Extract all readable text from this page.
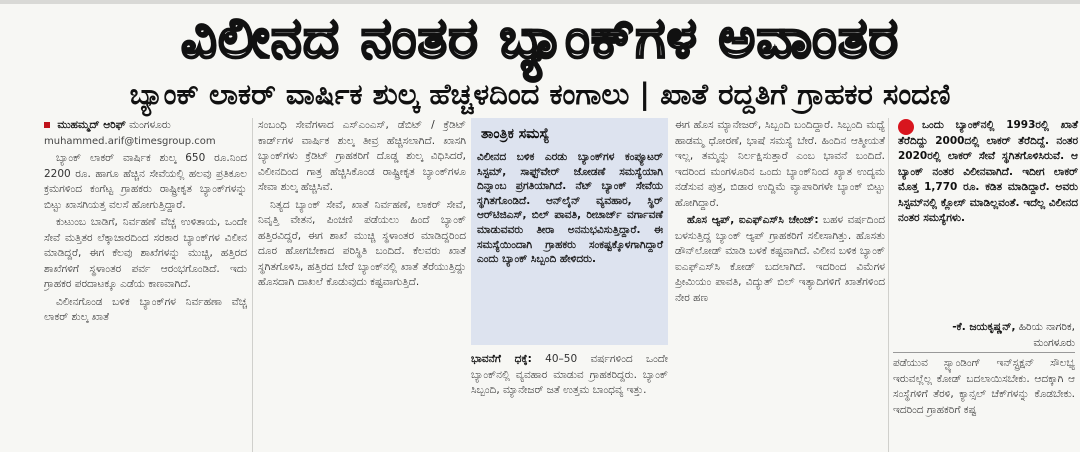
ವಿಲೀನದ ನಂತರ ಬ್ಯಾಂಕ್‌ಗಳ ಅವಾಂತರ
ಬ್ಯಾಂಕ್ ಲಾಕರ್ ವಾರ್ಷಿಕ ಶುಲ್ಕ ಹೆಚ್ಚಳದಿಂದ ಕಂಗಾಲು | ಖಾತೆ ರದ್ದತಿಗೆ ಗ್ರಾಹಕರ ಸಂದಣಿ

ಮುಹಮ್ಮದ್ ಆರಿಫ್ ಮಂಗಳೂರು
muhammed.arif@timesgroup.com

ಬ್ಯಾಂಕ್ ಲಾಕರ್ ವಾರ್ಷಿಕ ಶುಲ್ಕ 650 ರೂ.ನಿಂದ 2200 ರೂ. ಹಾಗೂ ಹೆಚ್ಚಿನ ಸೇವೆಯಲ್ಲಿ ಹಲವು ಪ್ರತಿಕೂಲ ಕ್ರಮಗಳಿಂದ ಕಂಗೆಟ್ಟ ಗ್ರಾಹಕರು ರಾಷ್ಟ್ರೀಕೃತ ಬ್ಯಾಂಕ್‌ಗಳನ್ನು ಬಿಟ್ಟು ಖಾಸಗಿಯತ್ತ ವಲಸೆ ಹೋಗುತ್ತಿದ್ದಾರೆ.

ಕುಟುಂಬ ಬಾಡಿಗೆ, ನಿರ್ವಹಣೆ ವೆಚ್ಚ ಉಳಿತಾಯ, ಒಂದೇ ಸೇವೆ ಮತ್ತಿತರ ಲೆಕ್ಕಾಚಾರದಿಂದ ಸರಕಾರ ಬ್ಯಾಂಕ್‌ಗಳ ವಿಲೀನ ಮಾಡಿದ್ದರೆ, ಈಗ ಕೆಲವು ಶಾಖೆಗಳನ್ನು ಮುಚ್ಚಿ, ಹತ್ತಿರದ ಶಾಖೆಗಳಿಗೆ ಸ್ಥಳಾಂತರ ಪರ್ವ ಆರಂಭಗೊಂಡಿದೆ. ಇದು ಗ್ರಾಹಕರ ಪರದಾಟಕ್ಕೂ ಎಡೆಯ ಕಾಣವಾಗಿದೆ.

ವಿಲೀನಗೊಂಡ ಬಳಿಕ ಬ್ಯಾಂಕ್‌ಗಳ ನಿರ್ವಹಣಾ ವೆಚ್ಚ ಲಾಕರ್ ಶುಲ್ಕ ಖಾತೆ

ಸಂಬಂಧಿ ಸೇವೆಗಳಾದ ಎಸ್‌ಎಂಎಸ್, ಡೆಬಿಟ್ / ಕ್ರೆಡಿಟ್ ಕಾರ್ಡ್‌ಗಳ ವಾರ್ಷಿಕ ಶುಲ್ಕ ತೀವ್ರ ಹೆಚ್ಚಿಸಲಾಗಿದೆ. ಖಾಸಗಿ ಬ್ಯಾಂಕ್‌ಗಳು ಕ್ರೆಡಿಟ್ ಗ್ರಾಹಕರಿಗೆ ದೊಡ್ಡ ಶುಲ್ಕ ವಿಧಿಸಿದರೆ, ವಿಲೀನದಿಂದ ಗಾತ್ರ ಹೆಚ್ಚಿಸಿಕೊಂಡ ರಾಷ್ಟ್ರೀಕೃತ ಬ್ಯಾಂಕ್‌ಗಳೂ ಸೇವಾ ಶುಲ್ಕ ಹೆಚ್ಚಿಸಿವೆ.

ನಿತ್ಯದ ಬ್ಯಾಂಕ್ ಸೇವೆ, ಖಾತೆ ನಿರ್ವಹಣೆ, ಲಾಕರ್ ಸೇವೆ, ನಿವೃತ್ತಿ ವೇತನ, ಪಿಂಚಣಿ ಪಡೆಯಲು ಹಿಂದೆ ಬ್ಯಾಂಕ್ ಹತ್ತಿರವಿದ್ದರೆ, ಈಗ ಶಾಖೆ ಮುಚ್ಚಿ ಸ್ಥಳಾಂತರ ಮಾಡಿದ್ದರಿಂದ ದೂರ ಹೋಗಬೇಕಾದ ಪರಿಸ್ಥಿತಿ ಬಂದಿದೆ. ಕೆಲವರು ಖಾತೆ ಸ್ಥಗಿತಗೊಳಿಸಿ, ಹತ್ತಿರದ ಬೇರೆ ಬ್ಯಾಂಕ್‌ನಲ್ಲಿ ಖಾತೆ ತೆರೆಯುತ್ತಿದ್ದು ಹೊಸದಾಗಿ ದಾಖಲೆ ಕೊಡುವುದು ಕಷ್ಟವಾಗುತ್ತಿದೆ.

ತಾಂತ್ರಿಕ ಸಮಸ್ಯೆ
ವಿಲೀನದ ಬಳಿಕ ಎರಡು ಬ್ಯಾಂಕ್‌ಗಳ ಕಂಪ್ಯೂಟರ್ ಸಿಸ್ಟಮ್, ಸಾಫ್ಟ್‌ವೇರ್ ಜೋಡಣೆ ಸಮಸ್ಯೆಯಾಗಿ ದಿನ್ನಾಂಬ ಪ್ರಗತಿಯಾಗಿದೆ. ನೆಟ್ ಬ್ಯಾಂಕ್ ಸೇವೆಯ ಸ್ಥಗಿತಗೊಂಡಿದೆ. ಆನ್‌ಲೈನ್ ವ್ಯವಹಾರ, ಸ್ಥಿರ್ ಆರ್‌ಟಿಜಿಎಸ್, ಬಿಲ್ ಪಾವತಿ, ರೀಚಾರ್ಜ್ ವರ್ಗಾವಣೆ ಮಾಡುವವರು ತೀರಾ ಅನನುಭವಿಸುತ್ತಿದ್ದಾರೆ. ಈ ಸಮಸ್ಯೆಯಿಂದಾಗಿ ಗ್ರಾಹಕರು ಸಂಕಷ್ಟಕ್ಕೊಳಗಾಗಿದ್ದಾರೆ ಎಂದು ಬ್ಯಾಂಕ್ ಸಿಬ್ಬಂದಿ ಹೇಳಿದರು.
ಭಾವನೆಗೆ ಧಕ್ಕೆ: 40–50 ವರ್ಷಗಳಿಂದ ಒಂದೇ ಬ್ಯಾಂಕ್‌ನಲ್ಲಿ ವ್ಯವಹಾರ ಮಾಡುವ ಗ್ರಾಹಕರಿದ್ದರು. ಬ್ಯಾಂಕ್ ಸಿಬ್ಬಂದಿ, ಮ್ಯಾನೇಜರ್ ಜತೆ ಉತ್ತಮ ಬಾಂಧವ್ಯ ಇತ್ತು.

ಈಗ ಹೊಸ ಮ್ಯಾನೇಜರ್, ಸಿಬ್ಬಂದಿ ಬಂದಿದ್ದಾರೆ. ಸಿಬ್ಬಂದಿ ಮಧ್ಯೆ ಹಾಡಮ್ಮ ಧೋರಣೆ, ಭಾಷೆ ಸಮಸ್ಯೆ ಬೇರೆ. ಹಿಂದಿನ ಆತ್ಮೀಯತೆ ಇಲ್ಲ, ತಮ್ಮನ್ನು ನಿರ್ಲಕ್ಷಿಸುತ್ತಾರೆ ಎಂಬ ಭಾವನೆ ಬಂದಿದೆ. ಇದರಿಂದ ಮಂಗಳೂರಿನ ಒಂದು ಬ್ಯಾಂಕ್‌ನಿಂದ ಖ್ಯಾತ ಉದ್ಯಮ ನಡೆಸುವ ಪುತ್ರ, ಬಿಡಾರ ಉದ್ದಿಮೆ ವ್ಯಾಪಾರಿಗಳೇ ಬ್ಯಾಂಕ್ ಬಿಟ್ಟು ಹೋಗಿದ್ದಾರೆ.

ಹೊಸ ಆ್ಯಪ್, ಐಎಫ್‌ಎಸ್‌ಸಿ ಚೇಂಜ್: ಬಹಳ ವರ್ಷದಿಂದ ಬಳಸುತ್ತಿದ್ದ ಬ್ಯಾಂಕ್ ಆ್ಯಪ್ ಗ್ರಾಹಕರಿಗೆ ಸಲೀಸಾಗಿತ್ತು. ಹೊಸತು ಡೌನ್‌ಲೋಡ್ ಮಾಡಿ ಬಳಕೆ ಕಷ್ಟವಾಗಿದೆ. ವಿಲೀನ ಬಳಿಕ ಬ್ಯಾಂಕ್ ಐಎಫ್‌ಎಸ್‌ಸಿ ಕೋಡ್ ಬದಲಾಗಿದೆ. ಇದರಿಂದ ವಿಮೆಗಳ ಪ್ರೀಮಿಯಂ ಪಾವತಿ, ವಿದ್ಯುತ್ ಬಿಲ್ ಇತ್ಯಾದಿಗಳಿಗೆ ಖಾತೆಗಳಿಂದ ನೇರ ಹಣ

ಒಂದು ಬ್ಯಾಂಕ್‌ನಲ್ಲಿ 1993ರಲ್ಲಿ ಖಾತೆ ತೆರೆದಿದ್ದು 2000ದಲ್ಲಿ ಲಾಕರ್ ತೆರೆದಿದ್ದೆ. ನಂತರ 2020ರಲ್ಲಿ ಲಾಕರ್ ಸೇವೆ ಸ್ಥಗಿತಗೊಳಿಸಿರುವೆ. ಆ ಬ್ಯಾಂಕ್ ನಂತರ ವಿಲೀನವಾಗಿದೆ. ಇದೀಗ ಲಾಕರ್ ಮೊತ್ತ 1,770 ರೂ. ಕಡಿತ ಮಾಡಿದ್ದಾರೆ. ಅವರು ಸಿಸ್ಟಮ್‌ನಲ್ಲಿ ಕ್ಲೋಸ್ ಮಾಡಿಲ್ಲವಂತೆ. ಇದೆಲ್ಲ ವಿಲೀನದ ನಂತರ ಸಮಸ್ಯೆಗಳು.
-ಕೆ. ಜಯಕೃಷ್ಣನ್, ಹಿರಿಯ ನಾಗರಿಕ, ಮಂಗಳೂರು
ಪಡೆಯುವ ಸ್ಟ್ಯಾಂಡಿಂಗ್ ಇನ್‌ಸ್ಟ್ರಕ್ಷನ್ ಸೌಲಭ್ಯ ಇರುವಲ್ಲೆಲ್ಲ ಕೋಡ್ ಬದಲಾಯಿಸಬೇಕು. ಆದಕ್ಕಾಗಿ ಆ ಸಂಸ್ಥೆಗಳಿಗೆ ತೆರಳಿ, ಕ್ಯಾನ್ಸಲ್ ಚೆಕ್‌ಗಳನ್ನು ಕೊಡಬೇಕು. ಇದರಿಂದ ಗ್ರಾಹಕರಿಗೆ ಕಷ್ಟ
